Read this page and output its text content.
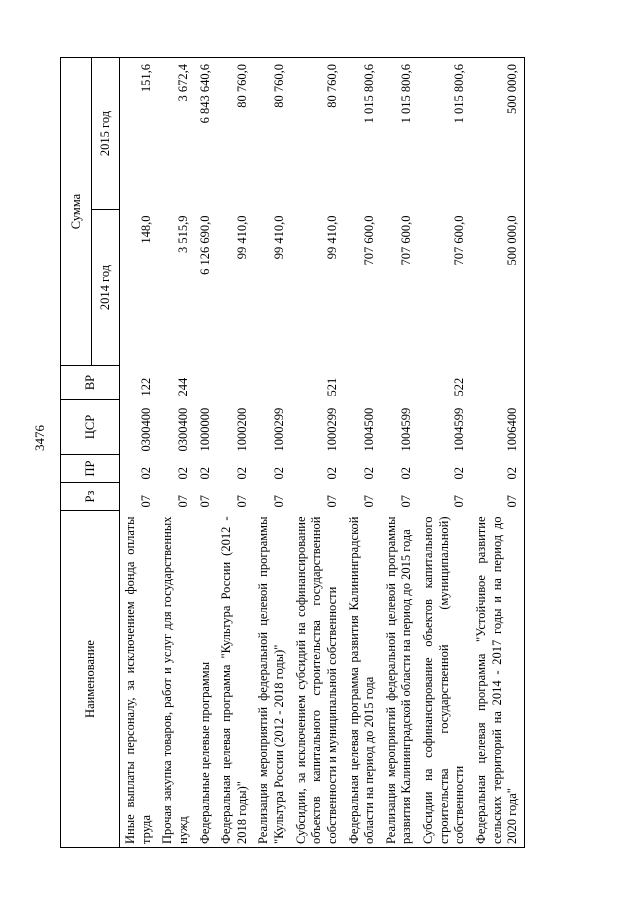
3476
Наименование	Рз	ПР	ЦСР	ВР	Сумма	
					2014 год	2015 год
Иные выплаты персоналу, за исключением фонда оплаты труда	07	02	0300400	122	148,0	151,6
Прочая закупка товаров, работ и услуг для государственных нужд	07	02	0300400	244	3 515,9	3 672,4
Федеральные целевые программы	07	02	1000000		6 126 690,0	6 843 640,6
Федеральная целевая программа "Культура России (2012 - 2018 годы)"	07	02	1000200		99 410,0	80 760,0
Реализация мероприятий федеральной целевой программы "Культура России (2012 - 2018 годы)"	07	02	1000299		99 410,0	80 760,0
Субсидии, за исключением субсидий на софинансирование объектов капитального строительства государственной собственности и муниципальной собственности	07	02	1000299	521	99 410,0	80 760,0
Федеральная целевая программа развития Калининградской области на период до 2015 года	07	02	1004500		707 600,0	1 015 800,6
Реализация мероприятий федеральной целевой программы развития Калининградской области на период до 2015 года	07	02	1004599		707 600,0	1 015 800,6
Субсидии на софинансирование объектов капитального строительства государственной (муниципальной) собственности	07	02	1004599	522	707 600,0	1 015 800,6
Федеральная целевая программа "Устойчивое развитие сельских территорий на 2014 - 2017 годы и на период до 2020 года"	07	02	1006400		500 000,0	500 000,0
